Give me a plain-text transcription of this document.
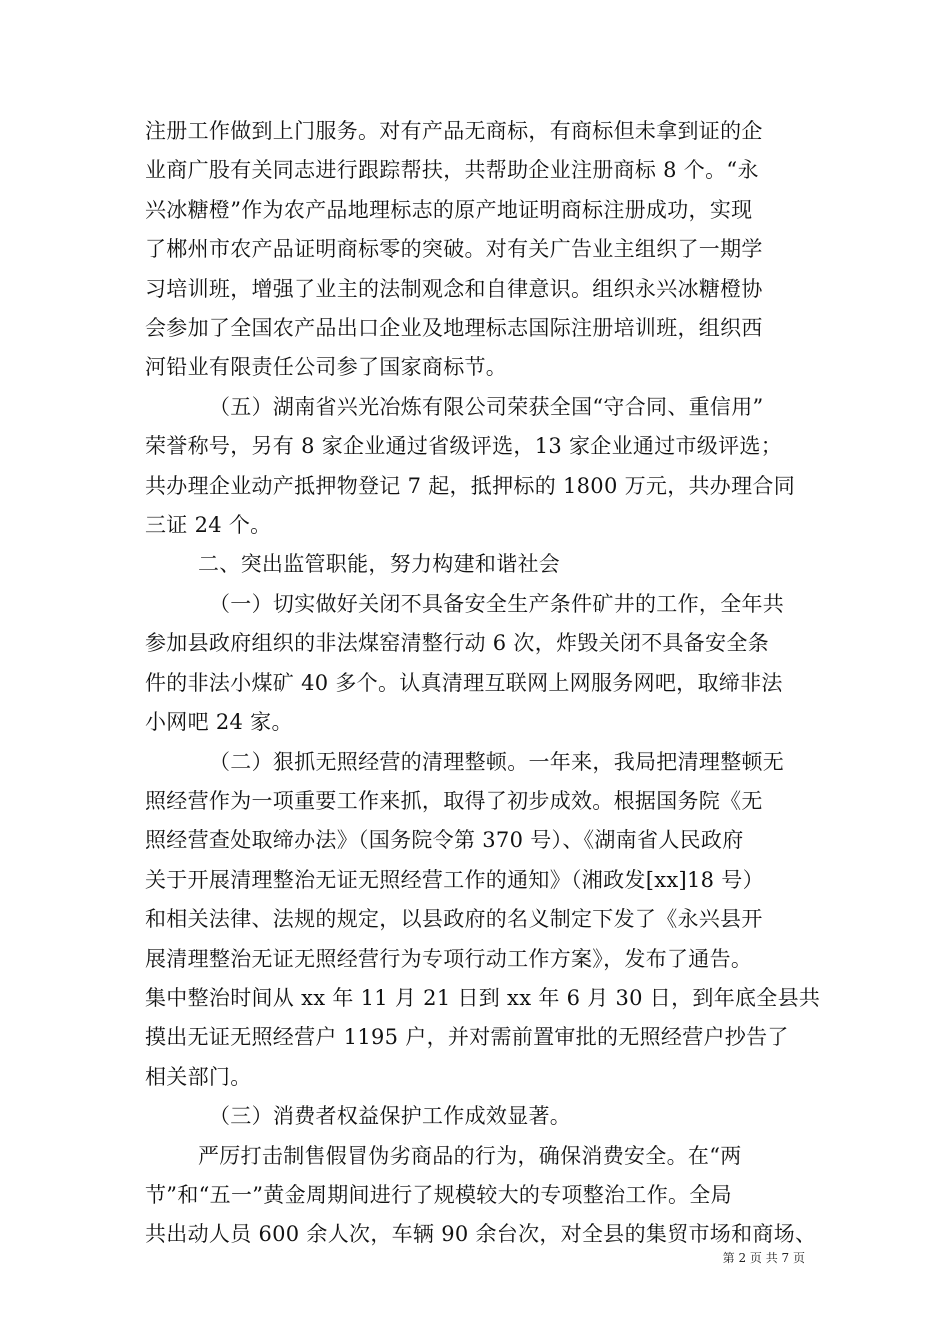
注册工作做到上门服务。对有产品无商标，有商标但未拿到证的企

业商广股有关同志进行跟踪帮扶，共帮助企业注册商标 8 个。“永

兴冰糖橙”作为农产品地理标志的原产地证明商标注册成功，实现

了郴州市农产品证明商标零的突破。对有关广告业主组织了一期学

习培训班，增强了业主的法制观念和自律意识。组织永兴冰糖橙协

会参加了全国农产品出口企业及地理标志国际注册培训班，组织西

河铅业有限责任公司参了国家商标节。

（五）湖南省兴光冶炼有限公司荣获全国“守合同、重信用”

荣誉称号，另有 8 家企业通过省级评选，13 家企业通过市级评选；

共办理企业动产抵押物登记 7 起，抵押标的 1800 万元，共办理合同

三证 24 个。

二、突出监管职能，努力构建和谐社会

（一）切实做好关闭不具备安全生产条件矿井的工作，全年共

参加县政府组织的非法煤窑清整行动 6 次，炸毁关闭不具备安全条

件的非法小煤矿 40 多个。认真清理互联网上网服务网吧，取缔非法

小网吧 24 家。

（二）狠抓无照经营的清理整顿。一年来，我局把清理整顿无

照经营作为一项重要工作来抓，取得了初步成效。根据国务院《无

照经营查处取缔办法》（国务院令第 370 号）、《湖南省人民政府

关于开展清理整治无证无照经营工作的通知》（湘政发[xx]18 号）

和相关法律、法规的规定，以县政府的名义制定下发了《永兴县开

展清理整治无证无照经营行为专项行动工作方案》，发布了通告。

集中整治时间从 xx 年 11 月 21 日到 xx 年 6 月 30 日，到年底全县共

摸出无证无照经营户 1195 户，并对需前置审批的无照经营户抄告了

相关部门。

（三）消费者权益保护工作成效显著。

严厉打击制售假冒伪劣商品的行为，确保消费安全。在“两

节”和“五一”黄金周期间进行了规模较大的专项整治工作。全局

共出动人员 600 余人次，车辆 90 余台次，对全县的集贸市场和商场、

第 2 页 共 7 页
